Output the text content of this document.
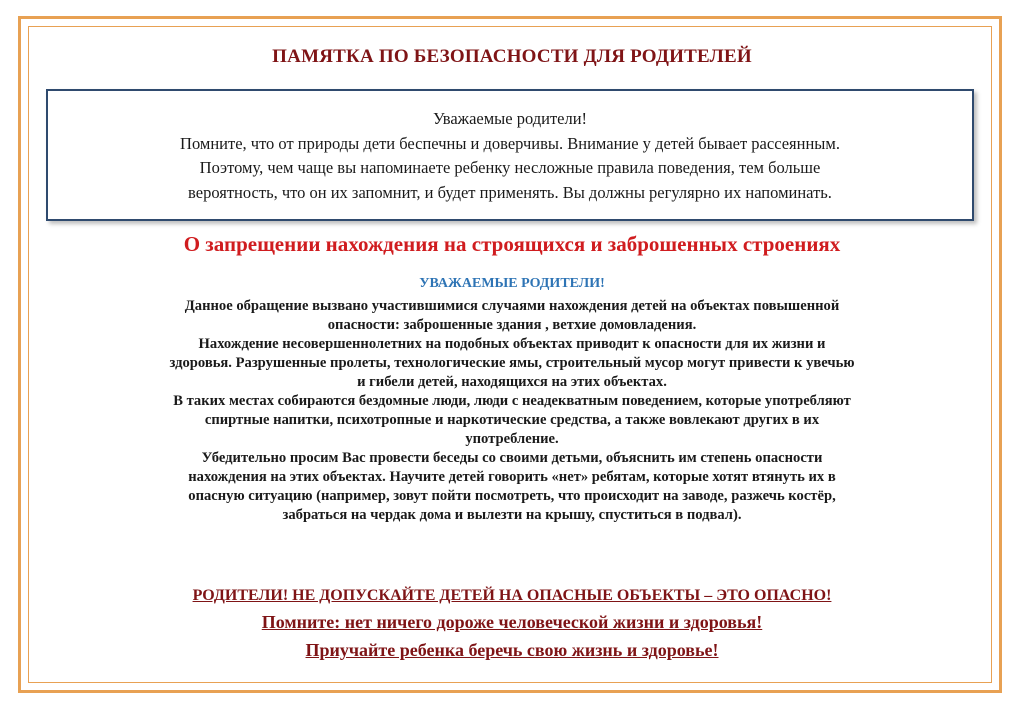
ПАМЯТКА ПО БЕЗОПАСНОСТИ ДЛЯ РОДИТЕЛЕЙ

Уважаемые родители!

Помните, что от природы дети беспечны и доверчивы. Внимание у детей бывает рассеянным.

Поэтому, чем чаще вы напоминаете ребенку несложные правила поведения, тем больше

вероятность, что он их запомнит, и будет применять. Вы должны регулярно их напоминать.

О запрещении нахождения на строящихся и заброшенных строениях
УВАЖАЕМЫЕ РОДИТЕЛИ!

Данное обращение вызвано участившимися случаями нахождения детей на объектах повышенной

опасности: заброшенные здания , ветхие домовладения.

Нахождение несовершеннолетних на подобных объектах приводит к опасности для их жизни и

здоровья. Разрушенные пролеты, технологические ямы, строительный мусор могут привести к увечью

и гибели детей, находящихся на этих объектах.

В таких местах собираются бездомные люди, люди с неадекватным поведением, которые употребляют

спиртные напитки, психотропные и наркотические средства, а также вовлекают других в их

употребление.

Убедительно просим Вас провести беседы со своими детьми, объяснить им степень опасности

нахождения на этих объектах. Научите детей говорить «нет» ребятам, которые хотят втянуть их в

опасную ситуацию (например, зовут пойти посмотреть, что происходит на заводе, разжечь костёр,

забраться на чердак дома и вылезти на крышу, спуститься в подвал).

РОДИТЕЛИ! НЕ ДОПУСКАЙТЕ ДЕТЕЙ НА ОПАСНЫЕ ОБЪЕКТЫ – ЭТО ОПАСНО!
Помните: нет ничего дороже человеческой жизни и здоровья!
Приучайте ребенка беречь свою жизнь и здоровье!
